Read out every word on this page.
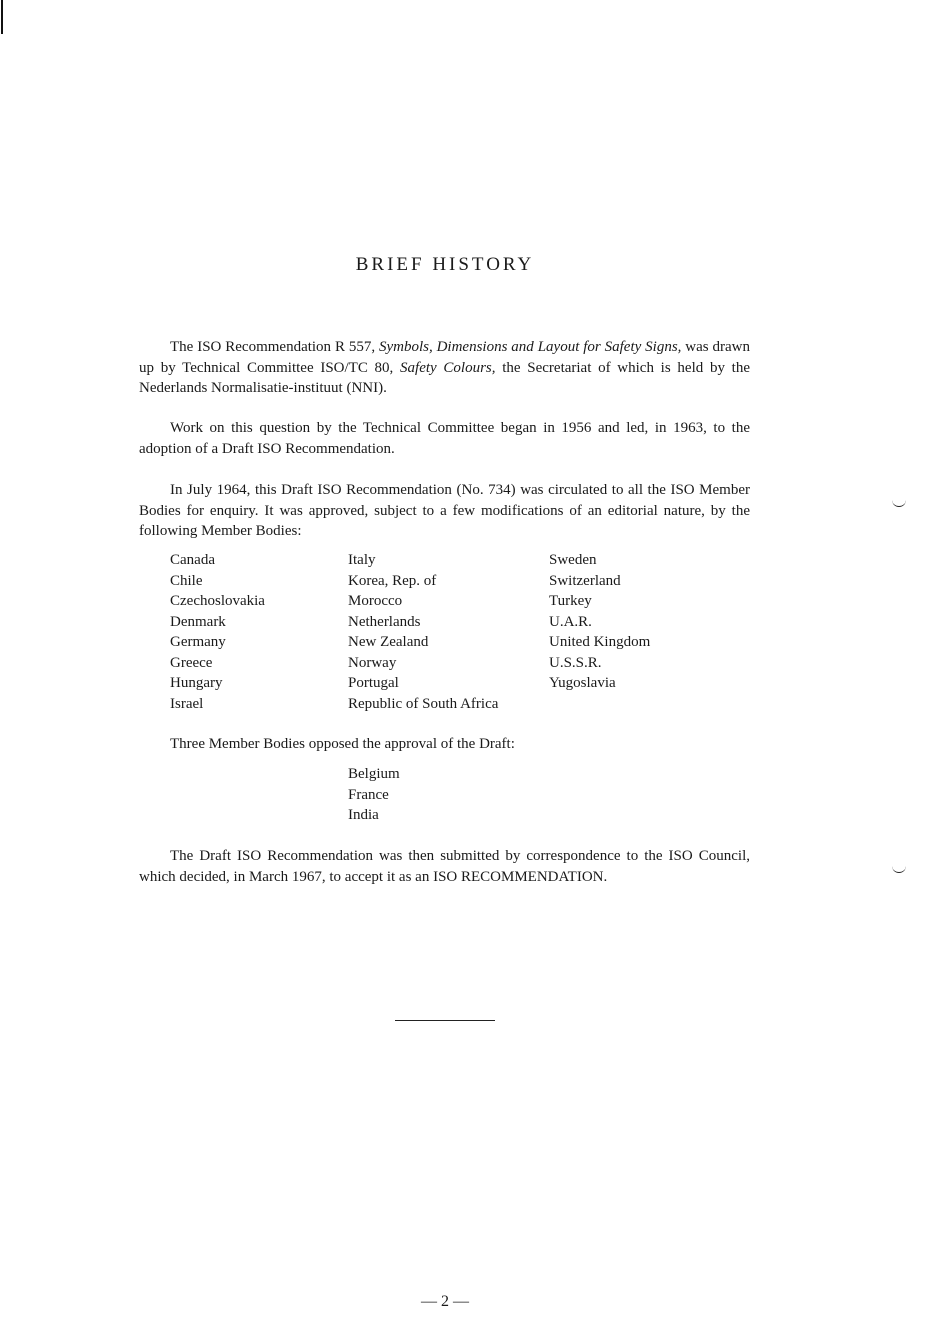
BRIEF HISTORY

The ISO Recommendation R 557, Symbols, Dimensions and Layout for Safety Signs, was drawn up by Technical Committee ISO/TC 80, Safety Colours, the Secretariat of which is held by the Nederlands Normalisatie-instituut (NNI).

Work on this question by the Technical Committee began in 1956 and led, in 1963, to the adoption of a Draft ISO Recommendation.

In July 1964, this Draft ISO Recommendation (No. 734) was circulated to all the ISO Member Bodies for enquiry. It was approved, subject to a few modifications of an editorial nature, by the following Member Bodies:

Canada
Chile
Czechoslovakia
Denmark
Germany
Greece
Hungary
Israel
Italy
Korea, Rep. of
Morocco
Netherlands
New Zealand
Norway
Portugal
Republic of South Africa
Sweden
Switzerland
Turkey
U.A.R.
United Kingdom
U.S.S.R.
Yugoslavia

Three Member Bodies opposed the approval of the Draft:

Belgium
France
India

The Draft ISO Recommendation was then submitted by correspondence to the ISO Council, which decided, in March 1967, to accept it as an ISO RECOMMENDATION.

— 2 —
